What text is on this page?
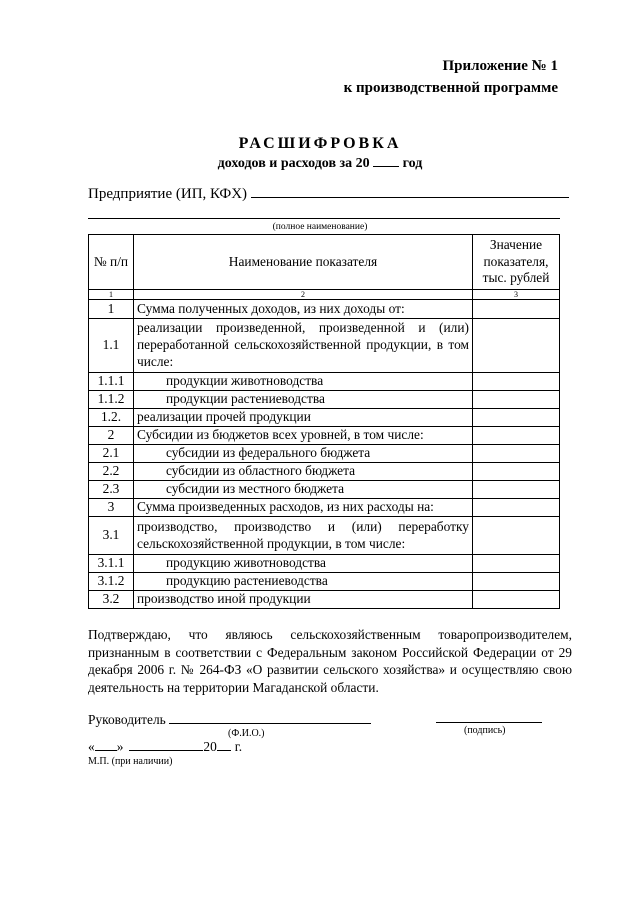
Приложение № 1
к производственной программе
РАСШИФРОВКА
доходов и расходов за 20 год
Предприятие (ИП, КФХ)
(полное наименование)
№ п/п	Наименование показателя	Значение показателя, тыс. рублей
1	2	3
1	Сумма полученных доходов, из них доходы от:	
1.1	реализации произведенной, произведенной и (или) переработанной сельскохозяйственной продукции, в том числе:	
1.1.1	продукции животноводства	
1.1.2	продукции растениеводства	
1.2.	реализации прочей продукции	
2	Субсидии из бюджетов всех уровней, в том числе:	
2.1	субсидии из федерального бюджета	
2.2	субсидии из областного бюджета	
2.3	субсидии из местного бюджета	
3	Сумма произведенных расходов, из них расходы на:	
3.1	производство, производство и (или) переработку сельскохозяйственной продукции, в том числе:	
3.1.1	продукцию животноводства	
3.1.2	продукцию растениеводства	
3.2	производство иной продукции	
Подтверждаю, что являюсь сельскохозяйственным товаропроизводителем, признанным в соответствии с Федеральным законом Российской Федерации от 29 декабря 2006 г. № 264-ФЗ «О развитии сельского хозяйства» и осуществляю свою деятельность на территории Магаданской области.
Руководитель
(Ф.И.О.)	(подпись)
« »	20 г.
М.П. (при наличии)
